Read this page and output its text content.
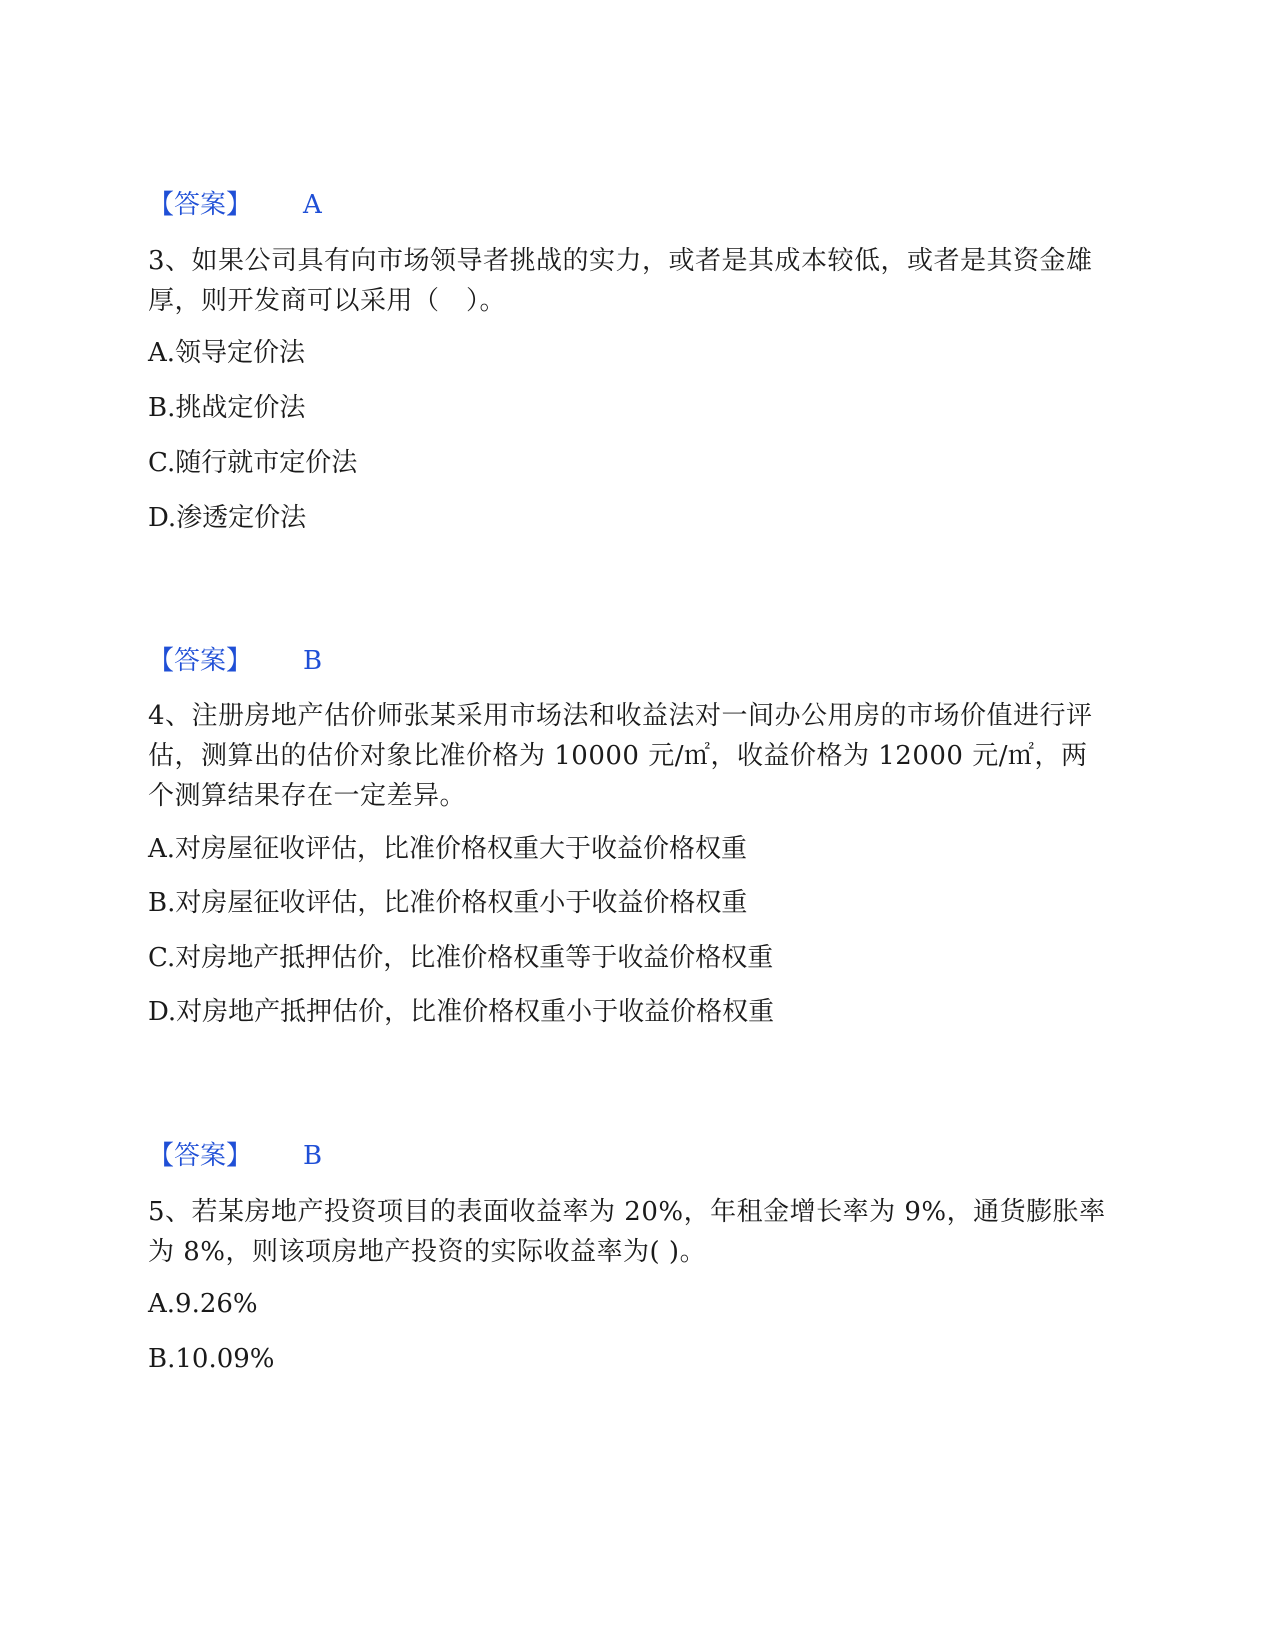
【答案】 A
3、如果公司具有向市场领导者挑战的实力，或者是其成本较低，或者是其资金雄厚，则开发商可以采用（　）。
A.领导定价法
B.挑战定价法
C.随行就市定价法
D.渗透定价法
【答案】 B
4、注册房地产估价师张某采用市场法和收益法对一间办公用房的市场价值进行评估，测算出的估价对象比准价格为 10000 元/㎡，收益价格为 12000 元/㎡，两个测算结果存在一定差异。
A.对房屋征收评估，比准价格权重大于收益价格权重
B.对房屋征收评估，比准价格权重小于收益价格权重
C.对房地产抵押估价，比准价格权重等于收益价格权重
D.对房地产抵押估价，比准价格权重小于收益价格权重
【答案】 B
5、若某房地产投资项目的表面收益率为 20%，年租金增长率为 9%，通货膨胀率为 8%，则该项房地产投资的实际收益率为( )。
A.9.26%
B.10.09%
